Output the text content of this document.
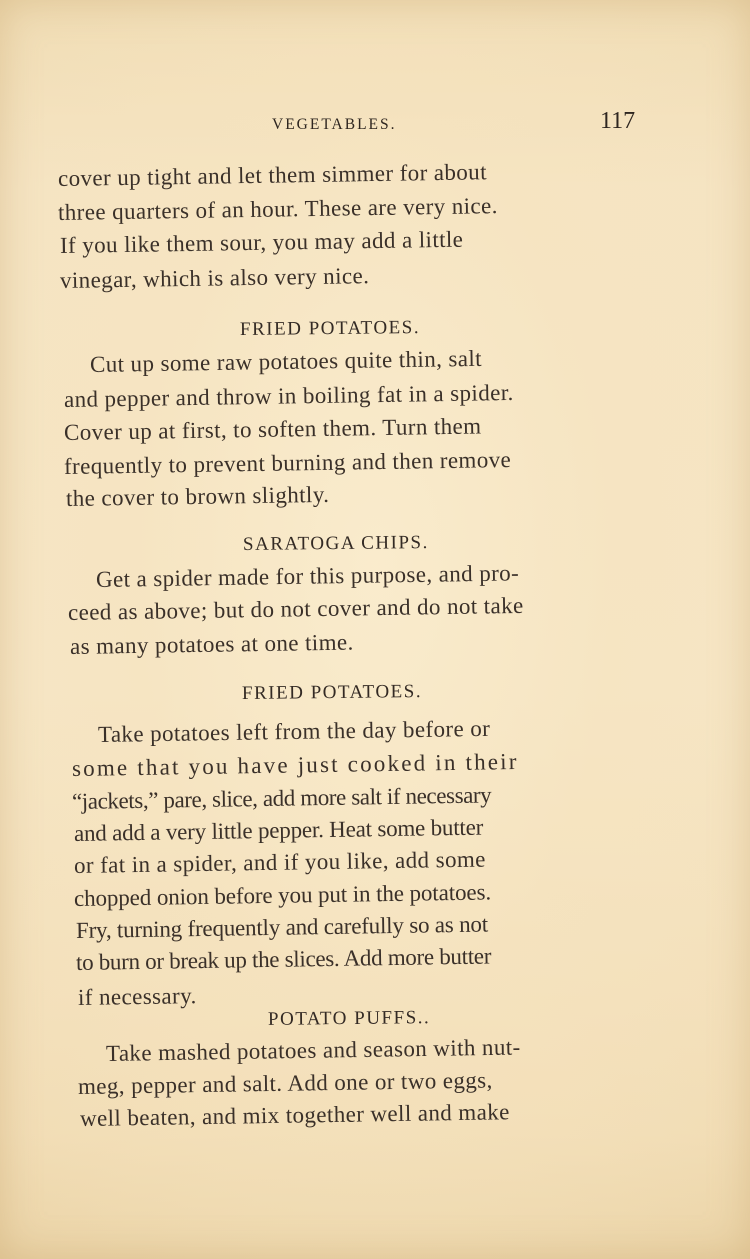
VEGETABLES.	117
cover up tight and let them simmer for about
three quarters of an hour. These are very nice.
If you like them sour, you may add a little
vinegar, which is also very nice.
FRIED POTATOES.
Cut up some raw potatoes quite thin, salt
and pepper and throw in boiling fat in a spider.
Cover up at first, to soften them. Turn them
frequently to prevent burning and then remove
the cover to brown slightly.
SARATOGA CHIPS.
Get a spider made for this purpose, and pro-
ceed as above; but do not cover and do not take
as many potatoes at one time.
FRIED POTATOES.
Take potatoes left from the day before or
some that you have just cooked in their
“jackets,” pare, slice, add more salt if necessary
and add a very little pepper. Heat some butter
or fat in a spider, and if you like, add some
chopped onion before you put in the potatoes.
Fry, turning frequently and carefully so as not
to burn or break up the slices. Add more butter
if necessary.
POTATO PUFFS..
Take mashed potatoes and season with nut-
meg, pepper and salt. Add one or two eggs,
well beaten, and mix together well and make
